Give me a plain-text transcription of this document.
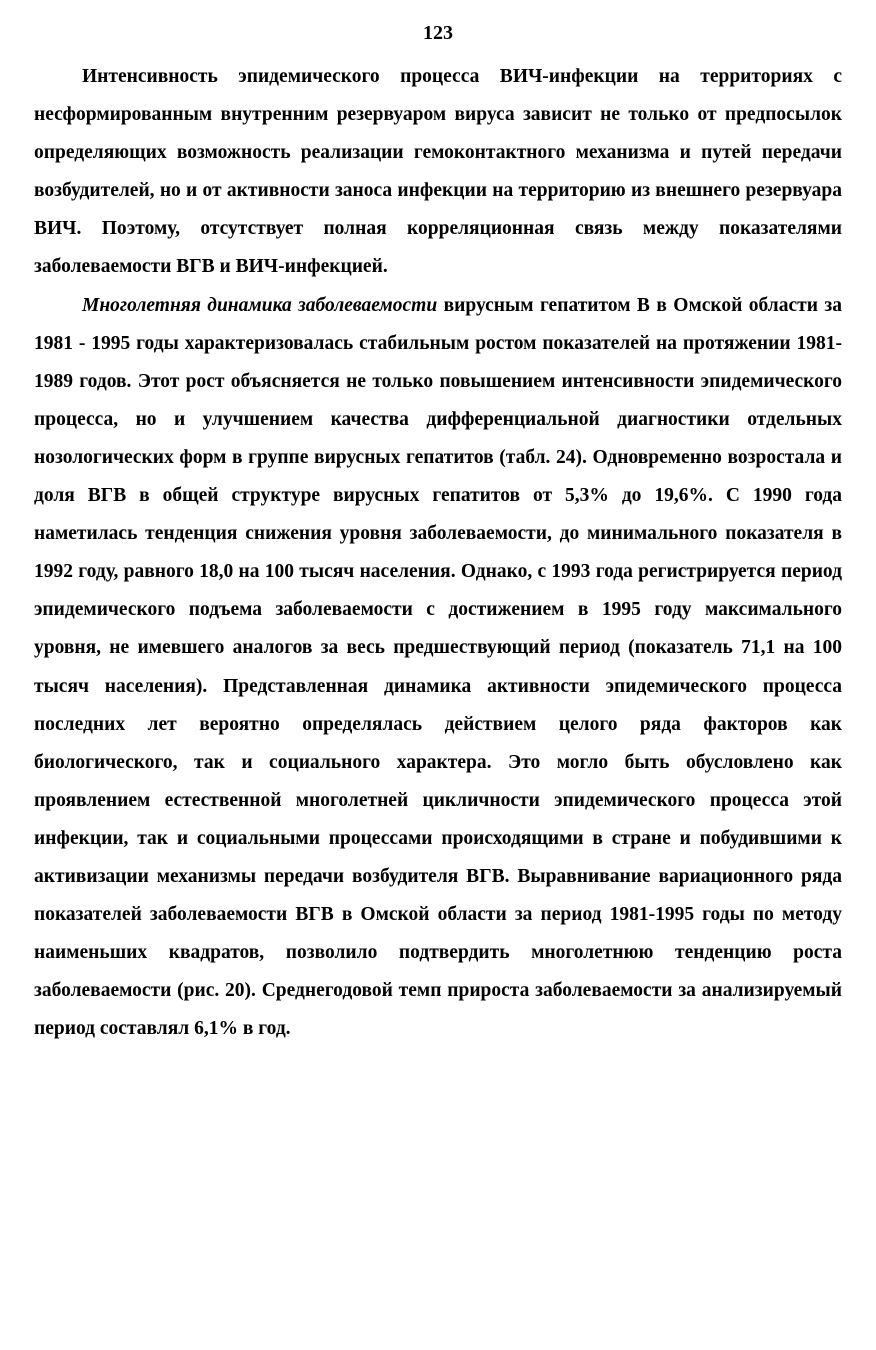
123

Интенсивность эпидемического процесса ВИЧ-инфекции на территориях с несформированным внутренним резервуаром вируса зависит не только от предпосылок определяющих возможность реализации гемоконтактного механизма и путей передачи возбудителей, но и от активности заноса инфекции на территорию из внешнего резервуара ВИЧ. Поэтому, отсутствует полная корреляционная связь между показателями заболеваемости ВГВ и ВИЧ-инфекцией.

Многолетняя динамика заболеваемости вирусным гепатитом В в Омской области за 1981 - 1995 годы характеризовалась стабильным ростом показателей на протяжении 1981-1989 годов. Этот рост объясняется не только повышением интенсивности эпидемического процесса, но и улучшением качества дифференциальной диагностики отдельных нозологических форм в группе вирусных гепатитов (табл. 24). Одновременно возростала и доля ВГВ в общей структуре вирусных гепатитов от 5,3% до 19,6%. С 1990 года наметилась тенденция снижения уровня заболеваемости, до минимального показателя в 1992 году, равного 18,0 на 100 тысяч населения. Однако, с 1993 года регистрируется период эпидемического подъема заболеваемости с достижением в 1995 году максимального уровня, не имевшего аналогов за весь предшествующий период (показатель 71,1 на 100 тысяч населения). Представленная динамика активности эпидемического процесса последних лет вероятно определялась действием целого ряда факторов как биологического, так и социального характера. Это могло быть обусловлено как проявлением естественной многолетней цикличности эпидемического процесса этой инфекции, так и социальными процессами происходящими в стране и побудившими к активизации механизмы передачи возбудителя ВГВ. Выравнивание вариационного ряда показателей заболеваемости ВГВ в Омской области за период 1981-1995 годы по методу наименьших квадратов, позволило подтвердить многолетнюю тенденцию роста заболеваемости (рис. 20). Среднегодовой темп прироста заболеваемости за анализируемый период составлял 6,1% в год.
